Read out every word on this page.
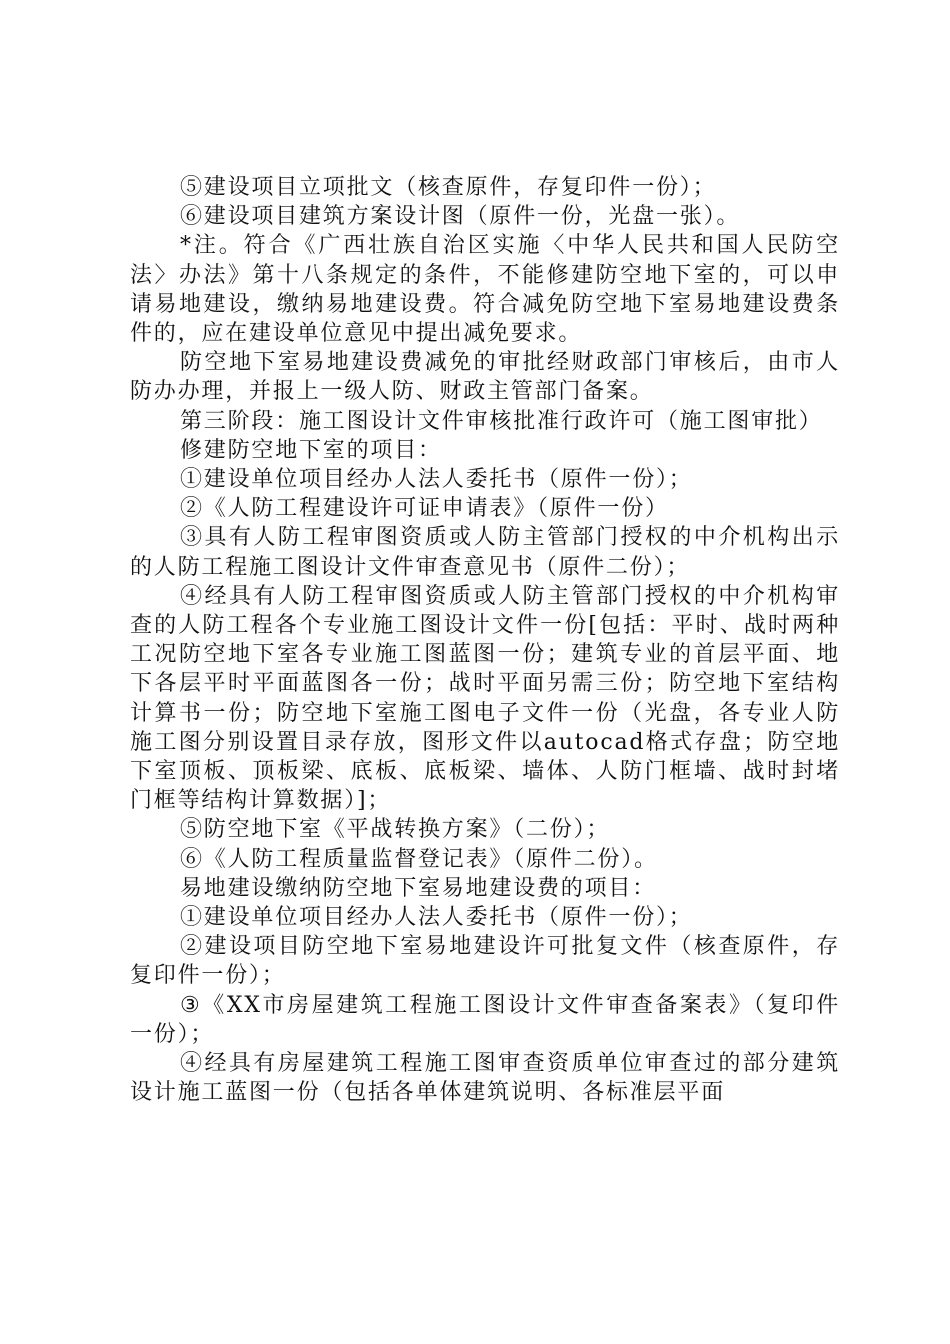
⑤建设项目立项批文（核查原件，存复印件一份）；

⑥建设项目建筑方案设计图（原件一份，光盘一张）。

*注。符合《广西壮族自治区实施〈中华人民共和国人民防空法〉办法》第十八条规定的条件，不能修建防空地下室的，可以申请易地建设，缴纳易地建设费。符合减免防空地下室易地建设费条件的，应在建设单位意见中提出减免要求。

防空地下室易地建设费减免的审批经财政部门审核后，由市人防办办理，并报上一级人防、财政主管部门备案。

第三阶段：施工图设计文件审核批准行政许可（施工图审批）

修建防空地下室的项目：

①建设单位项目经办人法人委托书（原件一份）；

②《人防工程建设许可证申请表》（原件一份）

③具有人防工程审图资质或人防主管部门授权的中介机构出示的人防工程施工图设计文件审查意见书（原件二份）；

④经具有人防工程审图资质或人防主管部门授权的中介机构审查的人防工程各个专业施工图设计文件一份[包括：平时、战时两种工况防空地下室各专业施工图蓝图一份；建筑专业的首层平面、地下各层平时平面蓝图各一份；战时平面另需三份；防空地下室结构计算书一份；防空地下室施工图电子文件一份（光盘，各专业人防施工图分别设置目录存放，图形文件以autocad格式存盘；防空地下室顶板、顶板梁、底板、底板梁、墙体、人防门框墙、战时封堵门框等结构计算数据）]；

⑤防空地下室《平战转换方案》（二份）；

⑥《人防工程质量监督登记表》（原件二份）。

易地建设缴纳防空地下室易地建设费的项目：

①建设单位项目经办人法人委托书（原件一份）；

②建设项目防空地下室易地建设许可批复文件（核查原件，存复印件一份）；

③《XX市房屋建筑工程施工图设计文件审查备案表》（复印件一份）；

④经具有房屋建筑工程施工图审查资质单位审查过的部分建筑设计施工蓝图一份（包括各单体建筑说明、各标准层平面
